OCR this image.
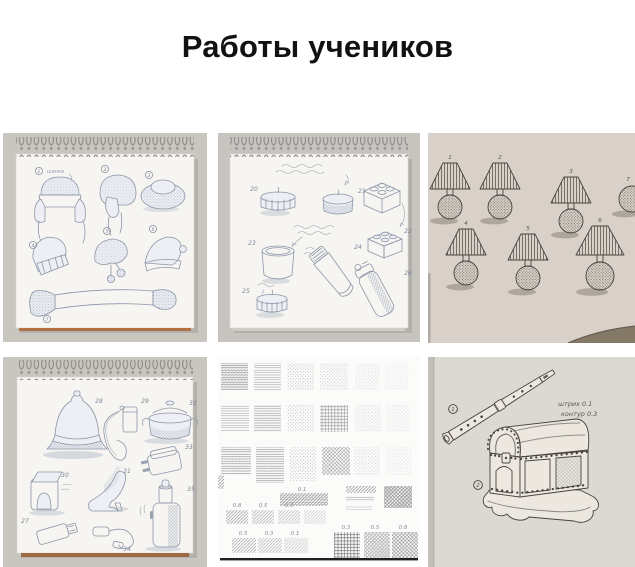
Работы учеников
1 шапки	2
3
4
5	6
7
20	21
22
23
24
25
26
1	2
3
7
4
5
6
28	29	32
33
30
31
27
34
35	0.1
0.8	0.5	0.3
0.5	0.3	0.1
0.3	0.5	0.8
1
штрих 0.1
контур 0.3
2
